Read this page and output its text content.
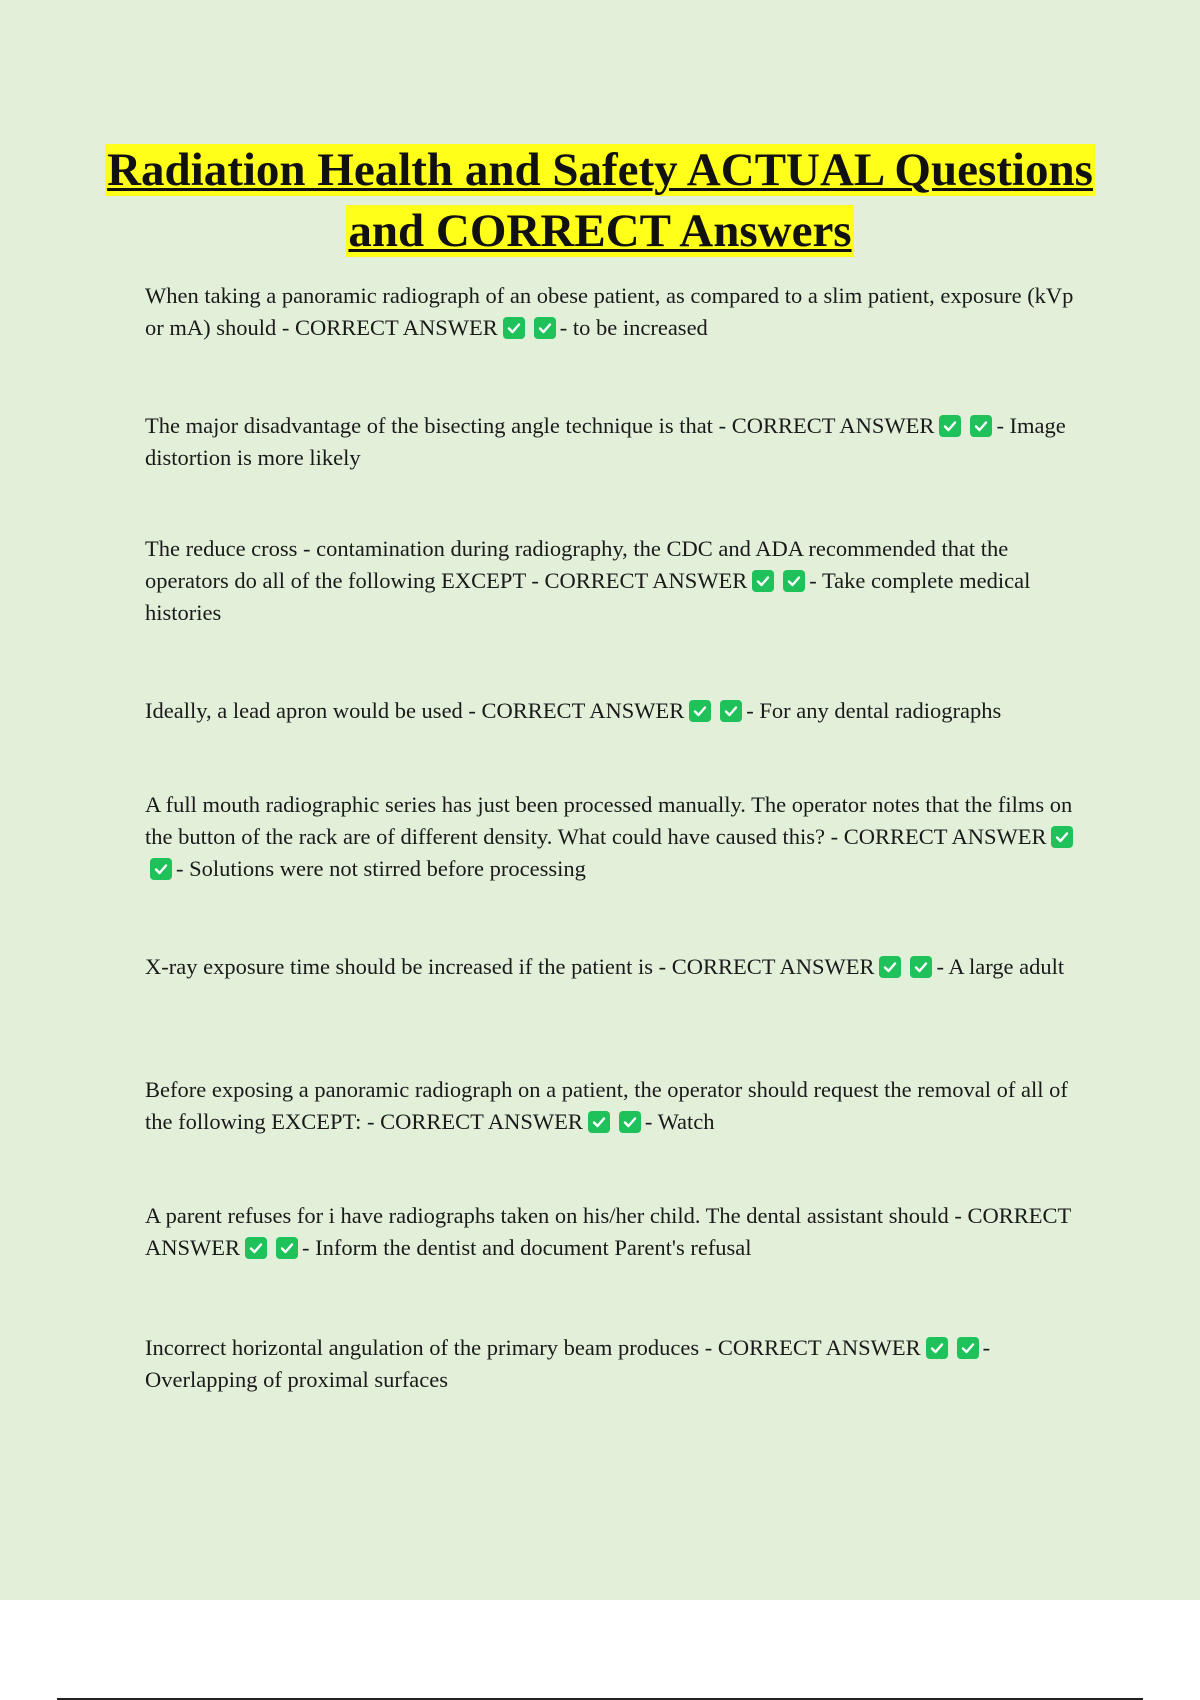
Radiation Health and Safety ACTUAL Questions and CORRECT Answers

When taking a panoramic radiograph of an obese patient, as compared to a slim patient, exposure (kVp or mA) should - CORRECT ANSWER	- to be increased

The major disadvantage of the bisecting angle technique is that - CORRECT ANSWER	- Image distortion is more likely

The reduce cross - contamination during radiography, the CDC and ADA recommended that the operators do all of the following EXCEPT - CORRECT ANSWER	- Take complete medical histories

Ideally, a lead apron would be used - CORRECT ANSWER	- For any dental radiographs

A full mouth radiographic series has just been processed manually. The operator notes that the films on the button of the rack are of different density. What could have caused this? - CORRECT ANSWER
- Solutions were not stirred before processing

X-ray exposure time should be increased if the patient is - CORRECT ANSWER	- A large adult

Before exposing a panoramic radiograph on a patient, the operator should request the removal of all of the following EXCEPT: - CORRECT ANSWER	- Watch

A parent refuses for i have radiographs taken on his/her child. The dental assistant should - CORRECT ANSWER	- Inform the dentist and document Parent's refusal

Incorrect horizontal angulation of the primary beam produces - CORRECT ANSWER	- Overlapping of proximal surfaces
